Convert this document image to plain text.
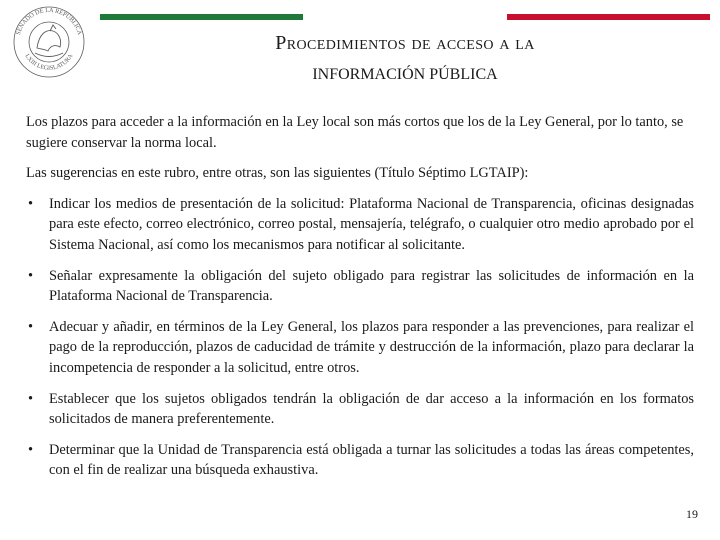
SENADO DE LA REPÚBLICA
LXIII LEGISLATURA
Procedimientos de acceso a la
INFORMACIÓN PÚBLICA

Los plazos para acceder a la información en la Ley local son más cortos que los de la Ley General, por lo tanto, se sugiere conservar la norma local.

Las sugerencias en este rubro, entre otras, son las siguientes (Título Séptimo LGTAIP):

• Indicar los medios de presentación de la solicitud: Plataforma Nacional de Transparencia, oficinas designadas para este efecto, correo electrónico, correo postal, mensajería, telégrafo, o cualquier otro medio aprobado por el Sistema Nacional, así como los mecanismos para notificar al solicitante.
• Señalar expresamente la obligación del sujeto obligado para registrar las solicitudes de información en la Plataforma Nacional de Transparencia.
• Adecuar y añadir, en términos de la Ley General, los plazos para responder a las prevenciones, para realizar el pago de la reproducción, plazos de caducidad de trámite y destrucción de la información, plazo para declarar la incompetencia de responder a la solicitud, entre otros.
• Establecer que los sujetos obligados tendrán la obligación de dar acceso a la información en los formatos solicitados de manera preferentemente.
• Determinar que la Unidad de Transparencia está obligada a turnar las solicitudes a todas las áreas competentes, con el fin de realizar una búsqueda exhaustiva.
19
